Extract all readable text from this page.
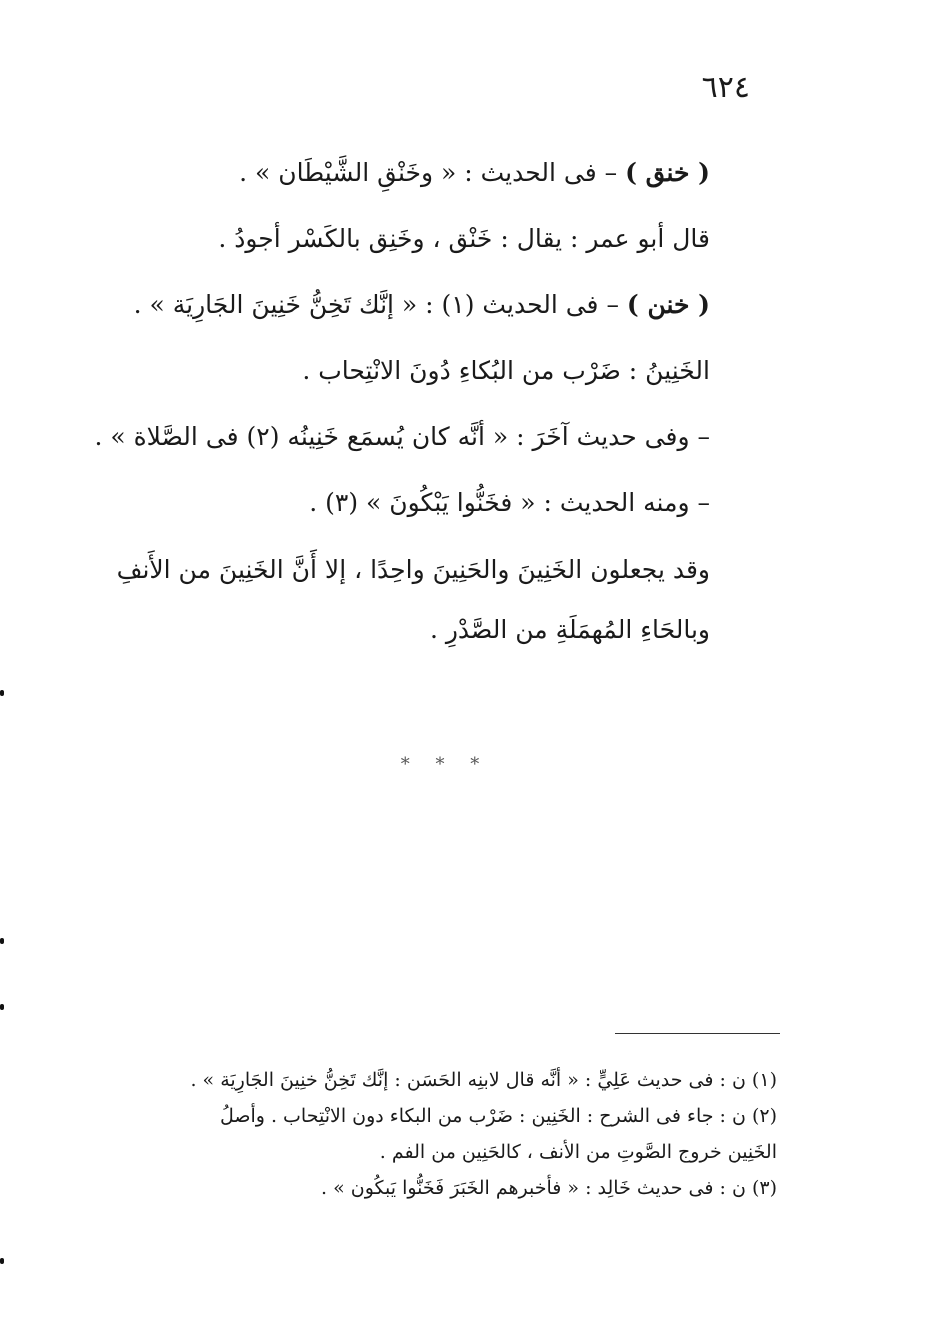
٦٢٤
( خنق ) – فى الحديث : « وخَنْقِ الشَّيْطَان » .
قال أبو عمر : يقال : خَنْق ، وخَنِق بالكَسْر أجودُ .
( خنن ) – فى الحديث (١) : « إنَّك تَخِنُّ خَنِينَ الجَارِيَة » .
الخَنِينُ : ضَرْب من البُكاءِ دُونَ الانْتِحاب .
– وفى حديث آخَرَ : « أنَّه كان يُسمَع خَنِينُه (٢) فى الصَّلاة » .
– ومنه الحديث : « فخَنُّوا يَبْكُونَ » (٣) .
وقد يجعلون الخَنِينَ والحَنِينَ واحِدًا ، إلا أَنَّ الخَنِينَ من الأَنفِ وبالحَاءِ المُهمَلَةِ من الصَّدْرِ .
* * *
(١) ن : فى حديث عَلِيٍّ : « أنَّه قال لابنِه الحَسَن : إنَّك تَخِنُّ خنِينَ الجَارِيَة » .
(٢) ن : جاء فى الشرح : الخَنِين : ضَرْب من البكاء دون الانْتِحاب . وأصلُ
الخَنِين خروج الصَّوتِ من الأنف ، كالحَنِين من الفم .
(٣) ن : فى حديث خَالِد : « فأخبرهم الخَبَرَ فَخَنُّوا يَبكُون » .
